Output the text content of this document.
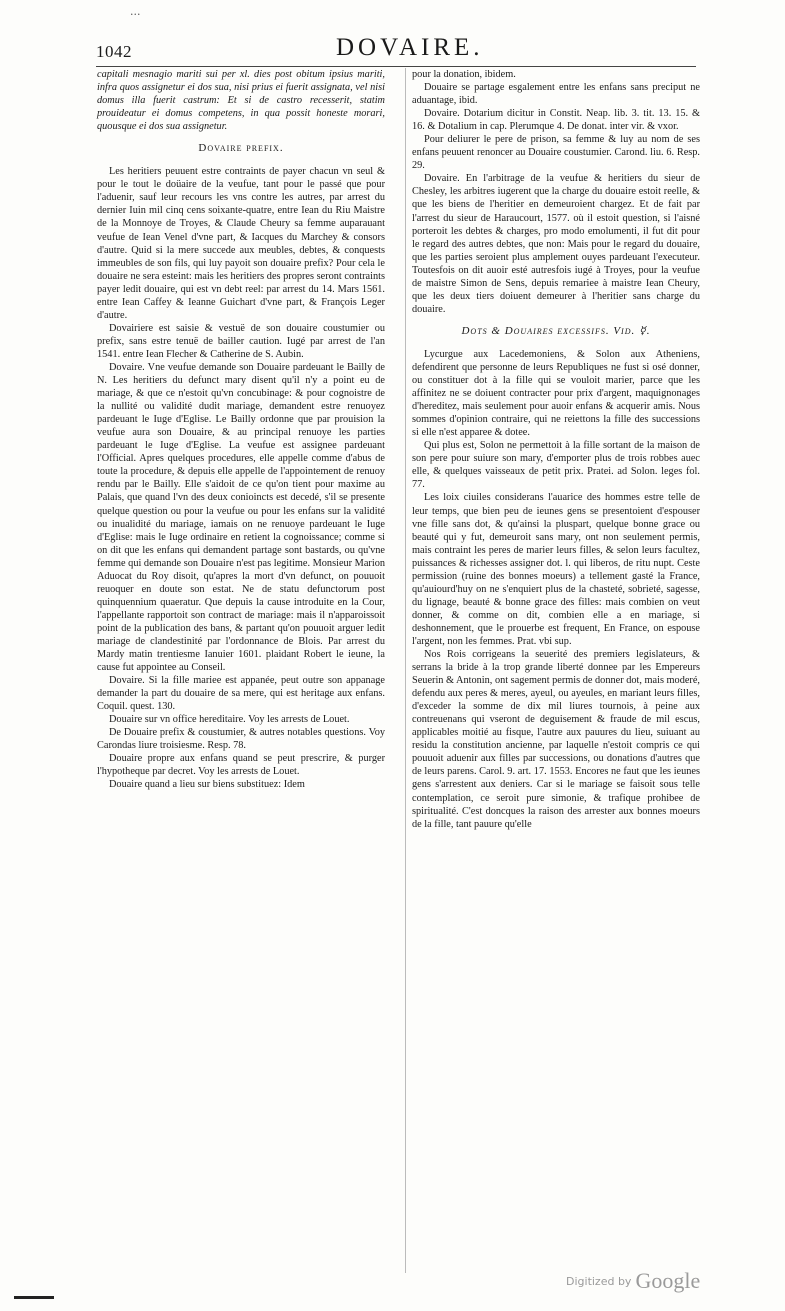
···
1042	DOVAIRE.

capitali mesnagio mariti sui per xl. dies post obitum ipsius mariti, infra quos assignetur ei dos sua, nisi prius ei fuerit assignata, vel nisi domus illa fuerit castrum: Et si de castro recesserit, statim prouideatur ei domus competens, in qua possit honeste morari, quousque ei dos sua assignetur.

Dovaire prefix.

Les heritiers peuuent estre contraints de payer chacun vn seul & pour le tout le doüaire de la veufue, tant pour le passé que pour l'aduenir, sauf leur recours les vns contre les autres, par arrest du dernier Iuin mil cinq cens soixante-quatre, entre Iean du Riu Maistre de la Monnoye de Troyes, & Claude Cheury sa femme auparauant veufue de Iean Venel d'vne part, & Iacques du Marchey & consors d'autre. Quid si la mere succede aux meubles, debtes, & conquests immeubles de son fils, qui luy payoit son douaire prefix? Pour cela le douaire ne sera esteint: mais les heritiers des propres seront contraints payer ledit douaire, qui est vn debt reel: par arrest du 14. Mars 1561. entre Iean Caffey & Ieanne Guichart d'vne part, & François Leger d'autre.

Dovairiere est saisie & vestuë de son douaire coustumier ou prefix, sans estre tenuë de bailler caution. Iugé par arrest de l'an 1541. entre Iean Flecher & Catherine de S. Aubin.

Dovaire. Vne veufue demande son Douaire pardeuant le Bailly de N. Les heritiers du defunct mary disent qu'il n'y a point eu de mariage, & que ce n'estoit qu'vn concubinage: & pour cognoistre de la nullité ou validité dudit mariage, demandent estre renuoyez pardeuant le Iuge d'Eglise. Le Bailly ordonne que par prouision la veufue aura son Douaire, & au principal renuoye les parties pardeuant le Iuge d'Eglise. La veufue est assignee pardeuant l'Official. Apres quelques procedures, elle appelle comme d'abus de toute la procedure, & depuis elle appelle de l'appointement de renuoy rendu par le Bailly. Elle s'aidoit de ce qu'on tient pour maxime au Palais, que quand l'vn des deux conioincts est decedé, s'il se presente quelque question ou pour la veufue ou pour les enfans sur la validité ou inualidité du mariage, iamais on ne renuoye pardeuant le Iuge d'Eglise: mais le Iuge ordinaire en retient la cognoissance; comme si on dit que les enfans qui demandent partage sont bastards, ou qu'vne femme qui demande son Douaire n'est pas legitime. Monsieur Marion Aduocat du Roy disoit, qu'apres la mort d'vn defunct, on pouuoit reuoquer en doute son estat. Ne de statu defunctorum post quinquennium quaeratur. Que depuis la cause introduite en la Cour, l'appellante rapportoit son contract de mariage: mais il n'apparoissoit point de la publication des bans, & partant qu'on pouuoit arguer ledit mariage de clandestinité par l'ordonnance de Blois. Par arrest du Mardy matin trentiesme Ianuier 1601. plaidant Robert le ieune, la cause fut appointee au Conseil.

Dovaire. Si la fille mariee est appanée, peut outre son appanage demander la part du douaire de sa mere, qui est heritage aux enfans. Coquil. quest. 130.

Douaire sur vn office hereditaire. Voy les arrests de Louet.

De Douaire prefix & coustumier, & autres notables questions. Voy Carondas liure troisiesme. Resp. 78.

Douaire propre aux enfans quand se peut prescrire, & purger l'hypotheque par decret. Voy les arrests de Louet.

Douaire quand a lieu sur biens substituez: Idem

pour la donation, ibidem.

Douaire se partage esgalement entre les enfans sans preciput ne aduantage, ibid.

Dovaire. Dotarium dicitur in Constit. Neap. lib. 3. tit. 13. 15. & 16. & Dotalium in cap. Plerumque 4. De donat. inter vir. & vxor.

Pour deliurer le pere de prison, sa femme & luy au nom de ses enfans peuuent renoncer au Douaire coustumier. Carond. liu. 6. Resp. 29.

Dovaire. En l'arbitrage de la veufue & heritiers du sieur de Chesley, les arbitres iugerent que la charge du douaire estoit reelle, & que les biens de l'heritier en demeuroient chargez. Et de fait par l'arrest du sieur de Haraucourt, 1577. où il estoit question, si l'aisné porteroit les debtes & charges, pro modo emolumenti, il fut dit pour le regard des autres debtes, que non: Mais pour le regard du douaire, que les parties seroient plus amplement ouyes pardeuant l'executeur. Toutesfois on dit auoir esté autresfois iugé à Troyes, pour la veufue de maistre Simon de Sens, depuis remariee à maistre Iean Cheury, que les deux tiers doiuent demeurer à l'heritier sans charge du douaire.

Dots & Douaires excessifs. Vid. ☿.

Lycurgue aux Lacedemoniens, & Solon aux Atheniens, defendirent que personne de leurs Republiques ne fust si osé donner, ou constituer dot à la fille qui se vouloit marier, parce que les affinitez ne se doiuent contracter pour prix d'argent, maquignonages d'hereditez, mais seulement pour auoir enfans & acquerir amis. Nous sommes d'opinion contraire, qui ne reiettons la fille des successions si elle n'est apparee & dotee.

Qui plus est, Solon ne permettoit à la fille sortant de la maison de son pere pour suiure son mary, d'emporter plus de trois robbes auec elle, & quelques vaisseaux de petit prix. Pratei. ad Solon. leges fol. 77.

Les loix ciuiles considerans l'auarice des hommes estre telle de leur temps, que bien peu de ieunes gens se presentoient d'espouser vne fille sans dot, & qu'ainsi la pluspart, quelque bonne grace ou beauté qui y fut, demeuroit sans mary, ont non seulement permis, mais contraint les peres de marier leurs filles, & selon leurs facultez, puissances & richesses assigner dot. l. qui liberos, de ritu nupt. Ceste permission (ruine des bonnes moeurs) a tellement gasté la France, qu'auiourd'huy on ne s'enquiert plus de la chasteté, sobrieté, sagesse, du lignage, beauté & bonne grace des filles: mais combien on veut donner, & comme on dit, combien elle a en mariage, si deshonnement, que le prouerbe est frequent, En France, on espouse l'argent, non les femmes. Prat. vbi sup.

Nos Rois corrigeans la seuerité des premiers legislateurs, & serrans la bride à la trop grande liberté donnee par les Empereurs Seuerin & Antonin, ont sagement permis de donner dot, mais moderé, defendu aux peres & meres, ayeul, ou ayeules, en mariant leurs filles, d'exceder la somme de dix mil liures tournois, à peine aux contreuenans qui vseront de deguisement & fraude de mil escus, applicables moitié au fisque, l'autre aux pauures du lieu, suiuant au residu la constitution ancienne, par laquelle n'estoit compris ce qui pouuoit aduenir aux filles par successions, ou donations d'autres que de leurs parens. Carol. 9. art. 17. 1553. Encores ne faut que les ieunes gens s'arrestent aux deniers. Car si le mariage se faisoit sous telle contemplation, ce seroit pure simonie, & trafique prohibee de spiritualité. C'est doncques la raison des arrester aux bonnes moeurs de la fille, tant pauure qu'elle

Digitized by Google
